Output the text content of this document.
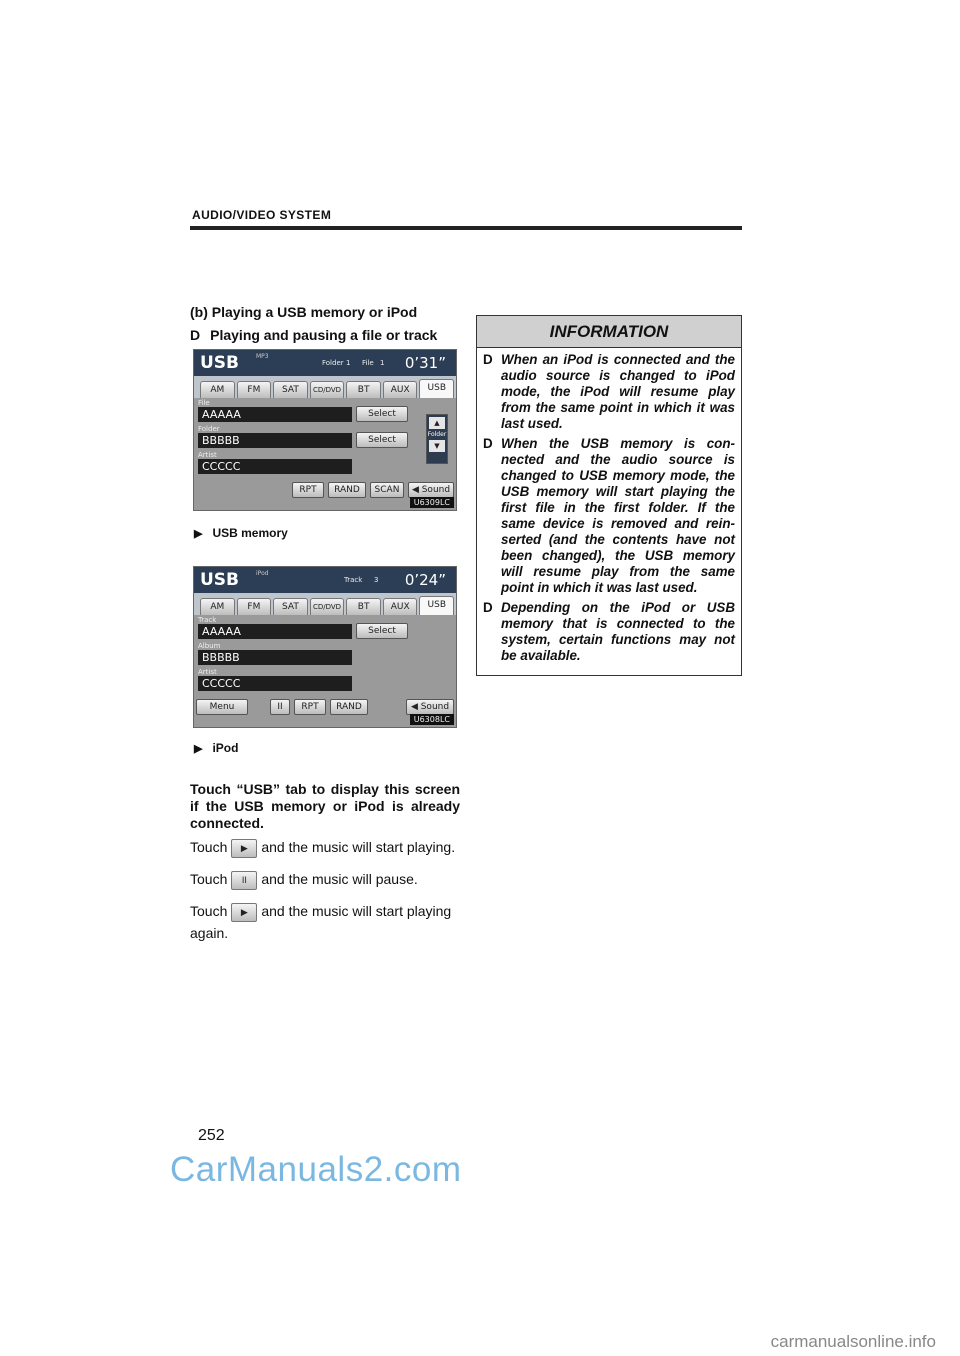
AUDIO/VIDEO SYSTEM
(b) Playing a USB memory or iPod
D Playing and pausing a file or track
USB	MP3
Folder 1 File 1 0’31”
AM	FM	SAT	CD/DVD	BT	AUX	USB
File
AAAAA	Select
Folder
BBBBB	Select
▲
Folder
▼
Artist
CCCCC
RPT	RAND	SCAN	◀ Sound
U6309LC
▶ USB memory
USB	iPod
Track 3 0’24”
AM	FM	SAT	CD/DVD	BT	AUX	USB
Track
AAAAA	Select
Album
BBBBB
Artist
CCCCC
Menu	II	RPT	RAND	◀ Sound
U6308LC
▶ iPod
Touch “USB” tab to display this screen if the USB memory or iPod is already connected.
Touch ▶ and the music will start playing.
Touch II and the music will pause.
Touch ▶ and the music will start playing
again.
INFORMATION
D When an iPod is connected and the audio source is changed to iPod mode, the iPod will resume play from the same point in which it was last used.
D When the USB memory is con-nected and the audio source is changed to USB memory mode, the USB memory will start playing the first file in the first folder. If the same device is removed and rein-serted (and the contents have not been changed), the USB memory will resume play from the same point in which it was last used.
D Depending on the iPod or USB memory that is connected to the system, certain functions may not be available.
252
CarManuals2.com
carmanualsonline.info
